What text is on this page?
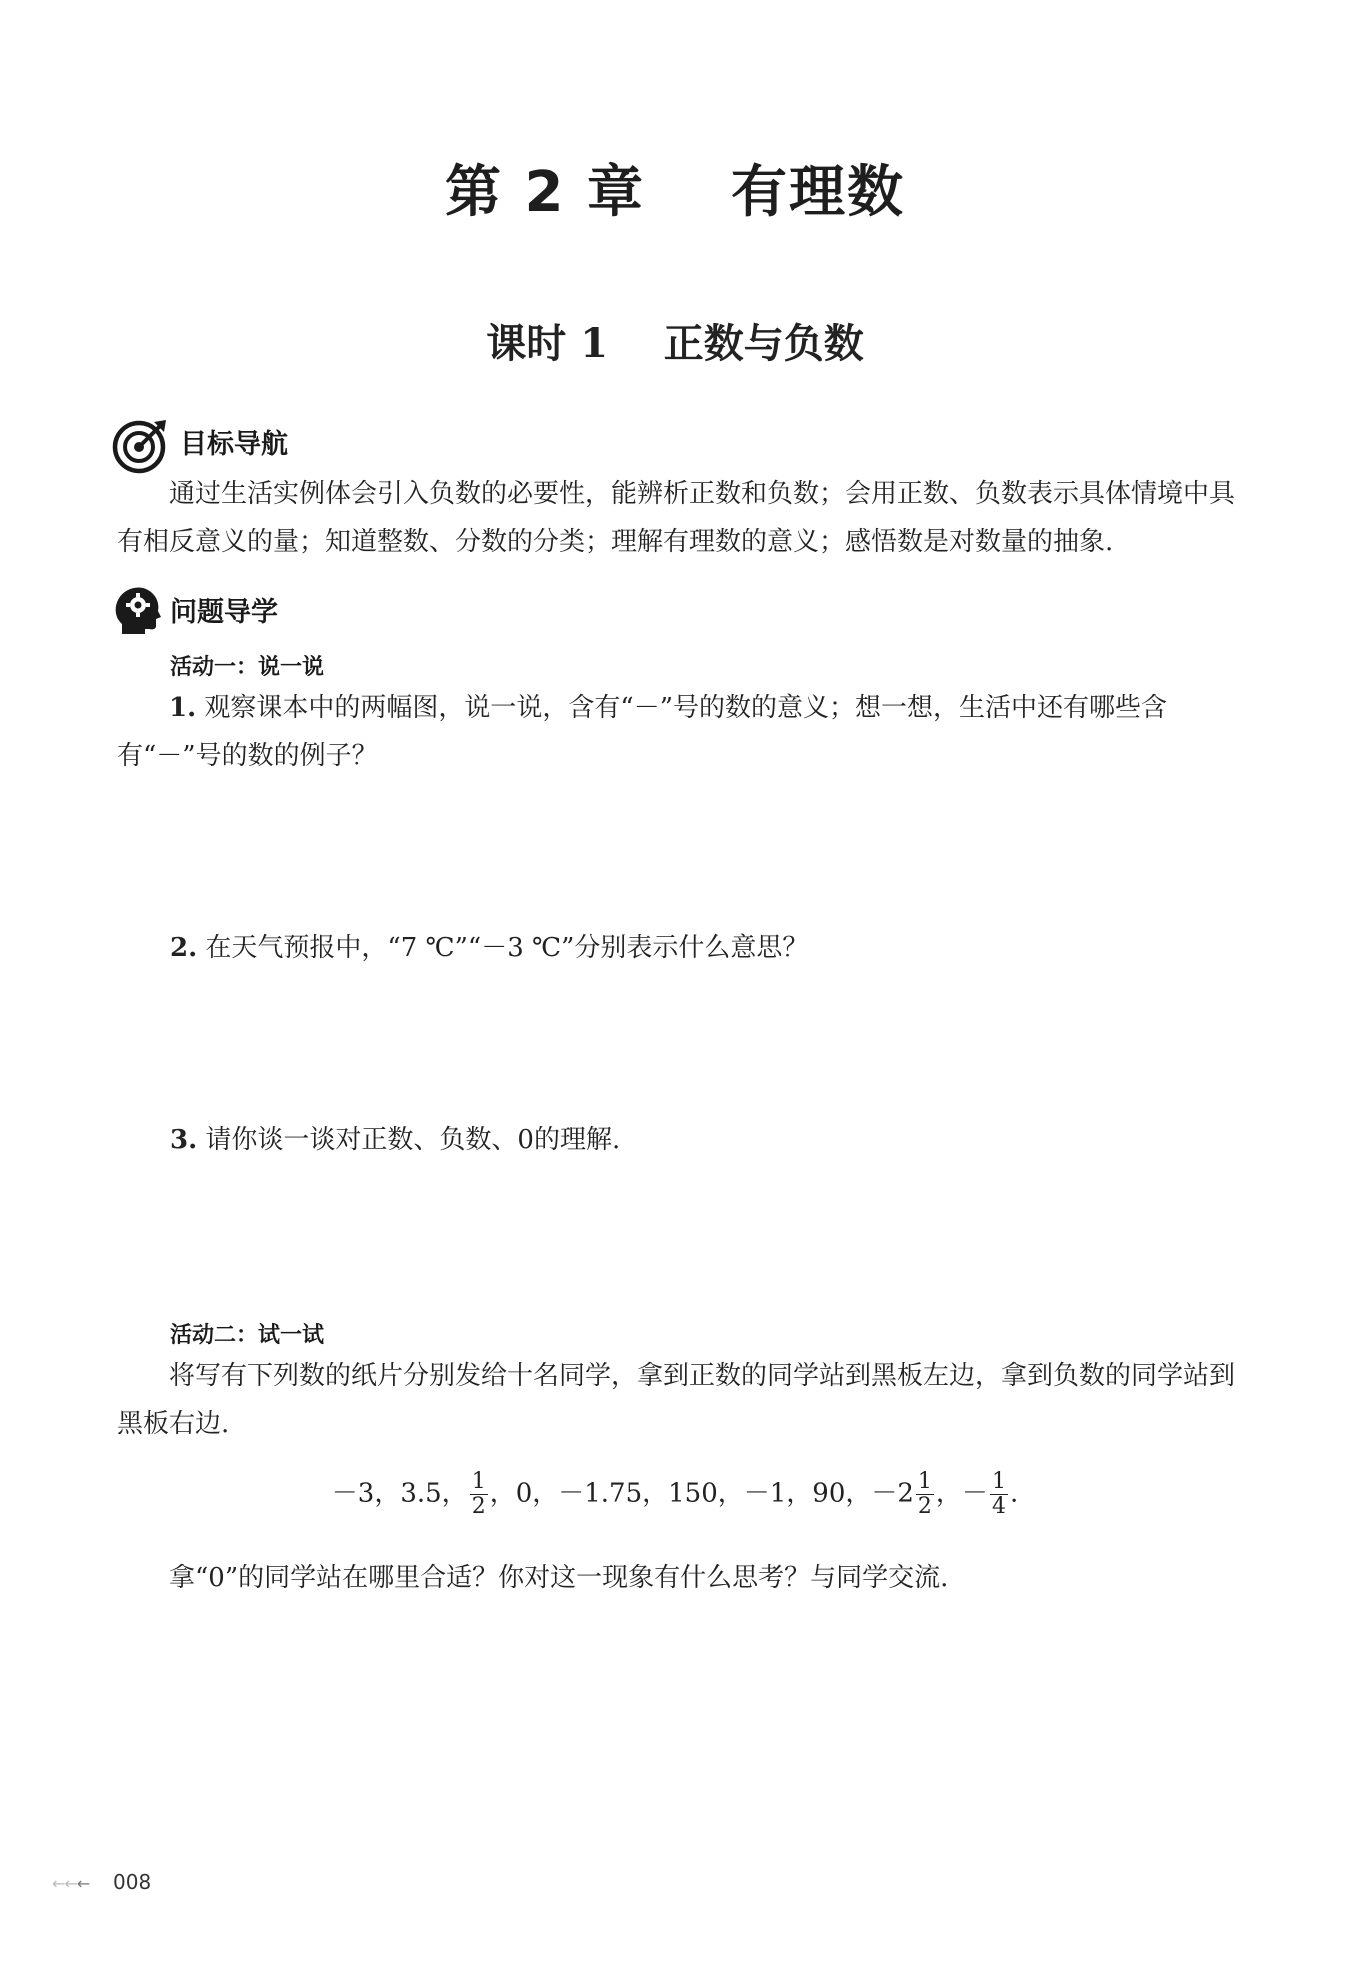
第 2 章    有理数
课时 1    正数与负数
目标导航
通过生活实例体会引入负数的必要性，能辨析正数和负数；会用正数、负数表示具体情境中具有相反意义的量；知道整数、分数的分类；理解有理数的意义；感悟数是对数量的抽象.
问题导学
活动一：说一说
1. 观察课本中的两幅图，说一说，含有“－”号的数的意义；想一想，生活中还有哪些含有“－”号的数的例子？
2. 在天气预报中，“7 ℃”“－3 ℃”分别表示什么意思？
3. 请你谈一谈对正数、负数、0的理解.
活动二：试一试
将写有下列数的纸片分别发给十名同学，拿到正数的同学站到黑板左边，拿到负数的同学站到黑板右边.
－3，3.5， $\frac{1}{2}$ ，0，－1.75，150，－1，90，$-2 \frac{1}{2}$ ，－ $\frac{1}{4}$ .
拿“0”的同学站在哪里合适？你对这一现象有什么思考？与同学交流.
←←← 008
